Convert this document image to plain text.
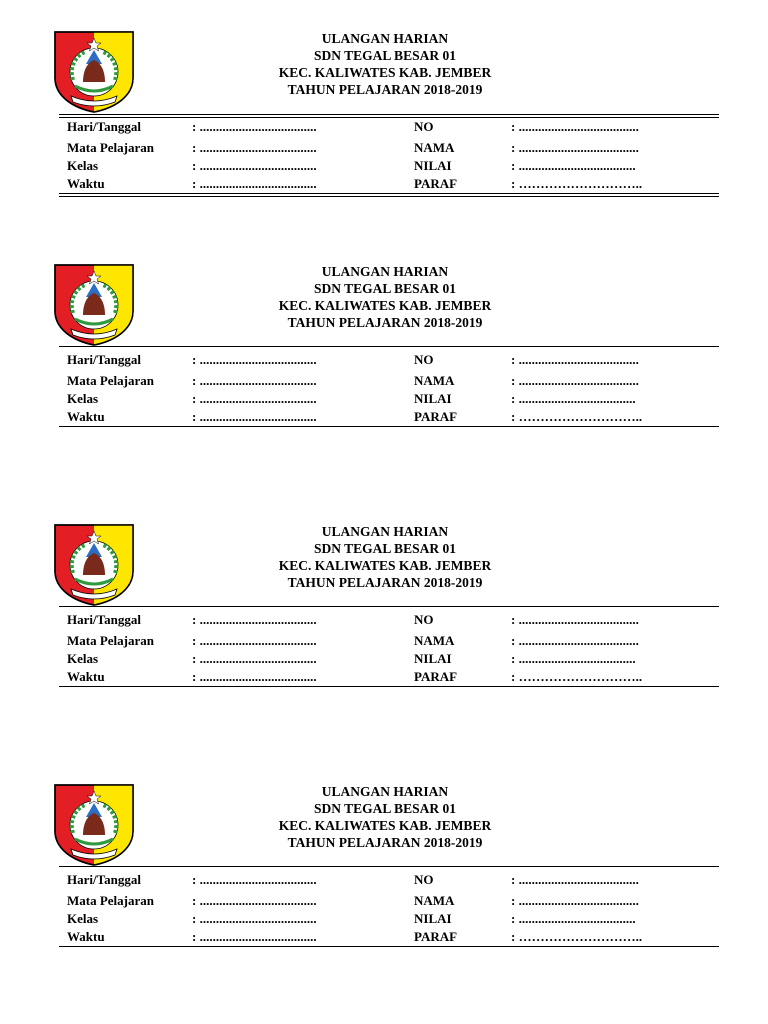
ULANGAN HARIAN
SDN TEGAL BESAR 01
KEC. KALIWATES KAB. JEMBER
TAHUN PELAJARAN 2018-2019
Hari/Tanggal	: ....................................	NO	: .....................................
Mata Pelajaran	: ....................................	NAMA	: .....................................
Kelas	: ....................................	NILAI	: ....................................
Waktu	: ....................................	PARAF	: ………………………..
ULANGAN HARIAN
SDN TEGAL BESAR 01
KEC. KALIWATES KAB. JEMBER
TAHUN PELAJARAN 2018-2019
Hari/Tanggal	: ....................................	NO	: .....................................
Mata Pelajaran	: ....................................	NAMA	: .....................................
Kelas	: ....................................	NILAI	: ....................................
Waktu	: ....................................	PARAF	: ………………………..
ULANGAN HARIAN
SDN TEGAL BESAR 01
KEC. KALIWATES KAB. JEMBER
TAHUN PELAJARAN 2018-2019
Hari/Tanggal	: ....................................	NO	: .....................................
Mata Pelajaran	: ....................................	NAMA	: .....................................
Kelas	: ....................................	NILAI	: ....................................
Waktu	: ....................................	PARAF	: ………………………..
ULANGAN HARIAN
SDN TEGAL BESAR 01
KEC. KALIWATES KAB. JEMBER
TAHUN PELAJARAN 2018-2019
Hari/Tanggal	: ....................................	NO	: .....................................
Mata Pelajaran	: ....................................	NAMA	: .....................................
Kelas	: ....................................	NILAI	: ....................................
Waktu	: ....................................	PARAF	: ………………………..
